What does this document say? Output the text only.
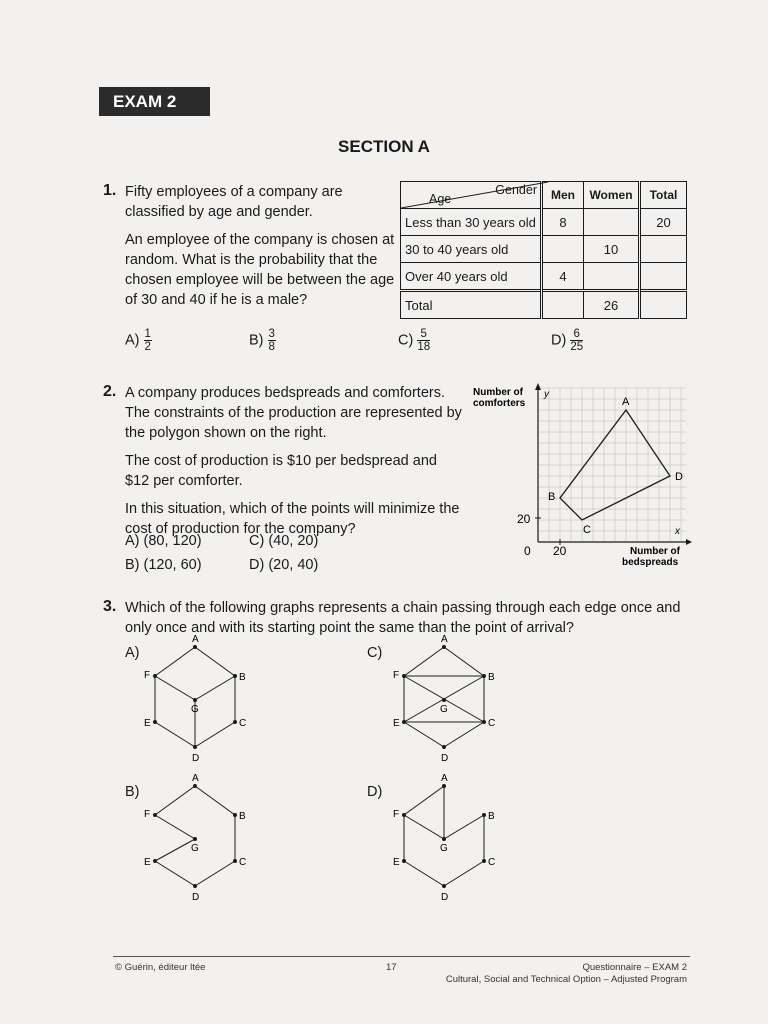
EXAM 2
SECTION A
1. Fifty employees of a company are classified by age and gender.

An employee of the company is chosen at random. What is the probability that the chosen employee will be between the age of 30 and 40 if he is a male?

Age
Gender	Men	Women	Total
Less than 30 years old	8		20
30 to 40 years old		10	
Over 40 years old	4		
Total		26	
$A) \frac{1}{2}$	$B) \frac{3}{8}$	$C) \frac{5}{18}$	$D) \frac{6}{25}$
2. A company produces bedspreads and comforters. The constraints of the production are represented by the polygon shown on the right.

The cost of production is $10 per bedspread and $12 per comforter.

In this situation, which of the points will minimize the cost of production for the company?

A) (80, 120)	C) (40, 20)
B) (120, 60)	D) (20, 40)
A
D
C
B
Number of
comforters
y
x
Number of
bedspreads
0 20
20
3. Which of the following graphs represents a chain passing through each edge once and only once and with its starting point the same than the point of arrival?
A)
B)
C)
D)
A
B
C
D
E
F
G
A
B
C
D
E
F
G
A
B
C
D
E
F
G
A
B
C
D
E
F
G
© Guérin, éditeur ltée	17	Questionnaire – EXAM 2
Cultural, Social and Technical Option – Adjusted Program
